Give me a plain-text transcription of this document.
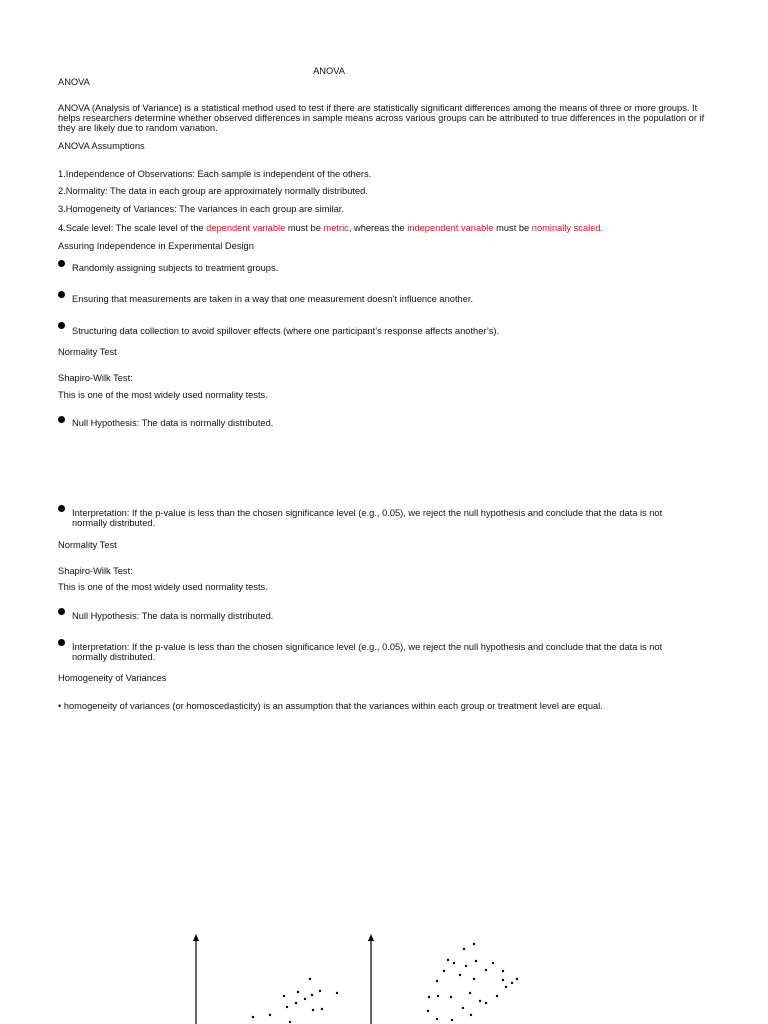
ANOVA
ANOVA
ANOVA (Analysis of Variance) is a statistical method used to test if there are statistically significant differences among the means of three or more groups. It helps researchers determine whether observed differences in sample means across various groups can be attributed to true differences in the population or if they are likely due to random variation.
ANOVA Assumptions
1.Independence of Observations: Each sample is independent of the others.
2.Normality: The data in each group are approximately normally distributed.
3.Homogeneity of Variances: The variances in each group are similar.
4.Scale level: The scale level of the dependent variable must be metric, whereas the independent variable must be nominally scaled.
Assuring Independence in Experimental Design
Randomly assigning subjects to treatment groups.
Ensuring that measurements are taken in a way that one measurement doesn’t influence another.
Structuring data collection to avoid spillover effects (where one participant’s response affects another’s).
Normality Test
Shapiro-Wilk Test:
This is one of the most widely used normality tests.
Null Hypothesis: The data is normally distributed.
Interpretation: If the p-value is less than the chosen significance level (e.g., 0.05), we reject the null hypothesis and conclude that the data is not normally distributed.
Normality Test
Shapiro-Wilk Test:
This is one of the most widely used normality tests.
Null Hypothesis: The data is normally distributed.
Interpretation: If the p-value is less than the chosen significance level (e.g., 0.05), we reject the null hypothesis and conclude that the data is not normally distributed.
Homogeneity of Variances
• homogeneity of variances (or homoscedasticity) is an assumption that the variances within each group or treatment level are equal.
